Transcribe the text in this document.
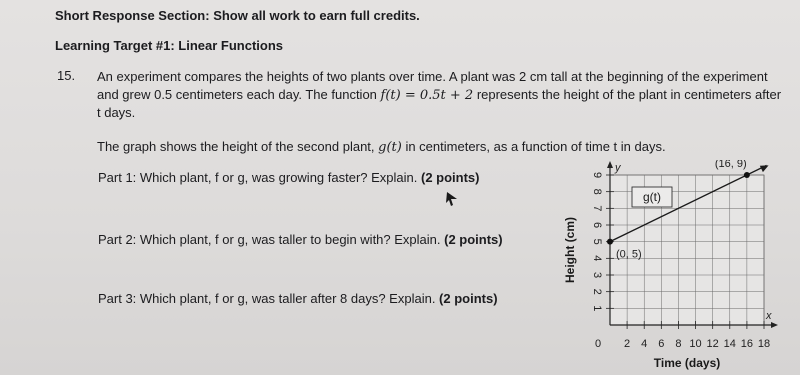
Short Response Section: Show all work to earn full credits.
Learning Target #1: Linear Functions
15. An experiment compares the heights of two plants over time. A plant was 2 cm tall at the beginning of the experiment and grew 0.5 centimeters each day. The function f(t) = 0.5t + 2 represents the height of the plant in centimeters after t days.
The graph shows the height of the second plant, g(t) in centimeters, as a function of time t in days.
Part 1: Which plant, f or g, was growing faster? Explain. (2 points)
Part 2: Which plant, f or g, was taller to begin with? Explain. (2 points)
Part 3: Which plant, f or g, was taller after 8 days? Explain. (2 points)
1
2
3
4
5
6
7
8
9
2 4 6 8 10 12 14 16 18
0
(0, 5)
(16, 9)
g(t)
y
x
Time (days)
Height (cm)
